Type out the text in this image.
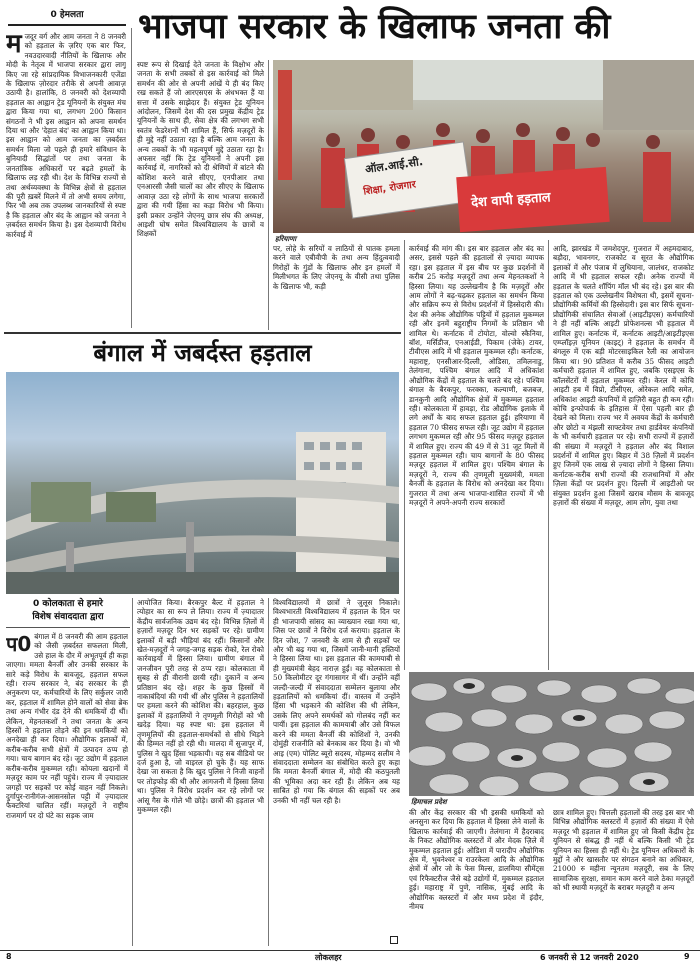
0 हेमलता	भाजपा सरकार के खिलाफ जनता की
मजदूर वर्ग और आम जनता ने 8 जनवरी को हड़ताल के ज़रिए एक बार फिर, नवउदारवादी नीतियों के खिलाफ और मोदी के नेतृत्व में भाजपा सरकार द्वारा लागू किए जा रहे सांप्रदायिक विभाजनकारी एजेंडा के खिलाफ ज़ोरदार तरीके से अपनी आवाज़ उठायी है। हालांकि, 8 जनवरी को देशव्यापी हड़ताल का आह्वान ट्रेड यूनियनों के संयुक्त मंच द्वारा किया गया था, लगभग 200 किसान संगठनों ने भी इस आह्वान को अपना समर्थन दिया था और 'देहात बंद' का आह्वान किया था। इस आह्वान को आम जनता का ज़बर्दस्त समर्थन मिला जो पहले ही हमारे संविधान के बुनियादी सिद्धांतों पर तथा जनता के जनतांत्रिक अधिकारों पर बढ़ते हमलों के खिलाफ लड़ रही थी। देश के विभिन्न राज्यों से तथा अर्थव्यवस्था के विभिन्न क्षेत्रों से हड़ताल की पूरी ख़बरें मिलने में तो अभी समय लगेगा, फिर भी अब तक उपलब्ध जानकारियों से स्पष्ट है कि हड़ताल और बंद के आह्वान को जनता ने ज़बर्दस्त समर्थन किया है। इस देशव्यापी विरोध कार्रवाई में
स्पष्ट रूप से दिखाई देते जनता के विक्षोभ और जनता के सभी तबकों से इस कार्रवाई को मिले समर्थन की ओर से अपनी आंखें ये ही बंद किए रख सकते हैं जो आरएसएस के अंधभक्त हैं या सत्ता में उसके साझेदार हैं। संयुक्त ट्रेड यूनियन आंदोलन, जिसमें देश की दस प्रमुख केंद्रीय ट्रेड यूनियनों के साथ ही, सेवा क्षेत्र की लगभग सभी स्वतंत्र फेडरेशनों भी शामिल हैं, सिर्फ मज़दूरों के ही मुद्दे नहीं उठाता रहा है बल्कि आम जनता के अन्य तबकों के भी महत्वपूर्ण मुद्दे उठाता रहा है। अफसर नहीं कि ट्रेड यूनियनों ने अपनी इस कार्रवाई में, नागरिकों को दी श्रेणियों में बांटने की कोशिश करने वाले सीएए, एनपीआर तथा एनआरसी जैसी चालों का और सीएए के खिलाफ आवाज़ उठा रहे लोगों के साथ भाजपा सरकारों द्वारा की गयी हिंसा का कड़ा विरोध भी किया। इसी प्रकार उन्होंने जेएनयू छात्र संघ की अध्यक्ष, आइशी घोष समेत विश्वविद्यालय के छात्रों व शिक्षकों
ऑल.आई.सी.
शिक्षा, रोजगार
देश वापी हड़ताल
हरियाणा
पर, लोहे के सरियों व लाठियों से घातक हमला करने वाले एबीवीपी के तथा अन्य हिंदुत्ववादी गिरोहों के गुंडों के खिलाफ और इन हमलों में मिलीभगत के लिए जेएनयू के वीसी तथा पुलिस के खिलाफ भी, कड़ी
कार्रवाई की मांग की। इस बार हड़ताल और बंद का असर, इससे पहले की हड़तालों से ज़्यादा व्यापक रहा। इस हड़ताल में इस बीच पर कुछ प्रदर्शनों में करीब 25 करोड़ मज़दूरों तथा अन्य मेहनतकशों ने हिस्सा लिया। यह उल्लेखनीय है कि मज़दूरों और आम लोगों ने बढ़-चढ़कर हड़ताल का समर्थन किया और सक्रिय रूप से विरोध प्रदर्शनों में हिस्सेदारी की। देश की अनेक औद्योगिक पट्टियों में हड़ताल मुकम्मल रही और इनमें बहुराष्ट्रीय निगमों के प्रतिष्ठान भी शामिल थे। कर्नाटक में टोयोटा, वोल्वो स्कैनिया, बॉश, मर्सिडीज, एनआईडी, पिकाम (जेके) टायर, टीवीएस आदि में भी हड़ताल मुकम्मल रही। कर्नाटक, महाराष्ट्र, एनसीआर-दिल्ली, ओडिसा, तमिलनाडु, तेलंगाना, पश्चिम बंगाल आदि में अधिकांश औद्योगिक केंद्रों में हड़ताल के चलते बंद रहे। पश्चिम बंगाल के बैरकपुर, फरक्का, कल्याणी, बजबज, डानकुनी आदि औद्योगिक क्षेत्रों में मुकम्मल हड़ताल रही। कोलकाता में हावड़ा, रोड औद्योगिक इलाके में लगे अर्धों के बाद सफल हड़ताल हुई। हरियाणा में हड़ताल 70 फीसद सफल रही। जूट उद्योग में हड़ताल लगभग मुकम्मल रही और 95 फीसद मज़दूर हड़ताल में शामिल हुए। राज्य की 49 में से 31 जूट मिलों में हड़ताल मुकम्मल रही। चाय बागानों के 80 फीसद मज़दूर हड़ताल में शामिल हुए। पश्चिम बंगाल के मज़दूरों ने, राज्य की तृणमूली मुख्यमंत्री, ममता बैनर्जी के हड़ताल के विरोध को अनदेखा कर दिया। गुजरात में तथा अन्य भाजपा-शासित राज्यों में भी मज़दूरों ने अपने-अपनी राज्य सरकारों
आदि, झारखंड में जमशेदपुर, गुजरात में अहमदाबाद, बड़ौदा, भावनगर, राजकोट व सूरत के औद्योगिक इलाकों में और पंजाब में लुधियाना, जालंधर, राजकोट आदि में भी हड़ताल सफल रही। अनेक राज्यों में हड़ताल के चलते शॉपिंग मॉल भी बंद रहे। इस बार की हड़ताल को एक उल्लेखनीय विशेषता थी, इसमें सूचना-प्रौद्योगिकी कर्मियों की हिस्सेदारी। इस बार सिर्फ सूचना-प्रौद्योगिकी संचालित सेवाओं (आइटीइएस) कर्मचारियों ने ही नहीं बल्कि आइटी प्रोफेशनल्स भी हड़ताल में शामिल हुए। कर्नाटक में, कर्नाटक आइटी/आइटीइएस एम्प्लॉइज़ यूनियन (काइट्) ने हड़ताल के समर्थन में बंगलूरु में एक बड़ी मोटरसाइकिल रैली का आयोजन किया था। 90 प्रतिशत में करीब 35 फीसद आइटी कर्मचारी हड़ताल में शामिल हुए, जबकि एसइएस के कॉलसेंटरों में हड़ताल मुकम्मल रही। केरल में कोचि आइटी हब में विप्रो, टीसीएस, ओरेकल आदि समेत, अधिकांश आइटी कंपनियों में हाज़िरी बहुत ही कम रही। कोचि इन्फोपार्क के इतिहास में ऐसा पहली बार ही देखने को मिला। राज्य भर में अवयव केंद्रों के कर्मचारी और छोटो व मंझली साफ्टवेयर तथा हार्डवेयर कंपनियों के भी कर्मचारी हड़ताल पर रहे। सभी राज्यों में हज़ारों की संख्या में मज़दूरों ने हड़ताल और बंद विशाल प्रदर्शनों में शामिल हुए। बिहार में 38 ज़िलों में प्रदर्शन हुए जिनमें एक लाख से ज़्यादा लोगों ने हिस्सा लिया। कर्नाटक-करीब सभी राज्यों की राजधानियों में और ज़िला केंद्रों पर प्रदर्शन हुए। दिल्ली में आइटीओ पर संयुक्त प्रदर्शन हुआ जिसमें खराब मौसम के बावजूद हज़ारों की संख्या में मज़दूर, आम लोग, युवा तथा
बंगाल में जबर्दस्त हड़ताल
0 कोलकाता से हमारे
विशेष संवाददाता द्वारा
प0 बंगाल में 8 जनवरी की आम हड़ताल को जैसी ज़बर्दस्त सफलता मिली, उसे हाल के दौर में अभूतपूर्व ही कहा जाएगा। ममता बैनर्जी और उनकी सरकार के सारे कड़े विरोध के बावजूद, हड़ताल सफल रही। राज्य सरकार ने, बंद सरकार के ही अनुकरण पर, कर्मचारियों के लिए सर्कुलर जारी कर, हड़ताल में शामिल होने वालों को सेवा ब्रेक तथा अन्य गंभीर दंड देने की धमकियों दी थीं। लेकिन, मेहनतकशों ने तथा जनता के अन्य हिस्सों ने हड़ताल तोड़ने की इन धमकियों को अनदेखा ही कर दिया। औद्योगिक इलाकों में, करीब-करीब सभी क्षेत्रों में उत्पादन ठप्प हो गया। चाय बागान बंद रहे। जूट उद्योग में हड़ताल करीब-करीब मुकम्मल रही। कोयला खदानों में मज़दूर काम पर नहीं पहुंचे। राज्य में ज़्यादातर जगहों पर सड़कों पर कोई वाहन नहीं निकले। दुर्गापुर-रानीगंज-आसनसोल पट्टी में ज़्यादातर फैक्टरियां चालित रहीं। मज़दूरों ने राष्ट्रीय राजमार्ग पर दो घंटे का सड़क जाम
आयोजित किया। बैरकपुर बैल्ट में हड़ताल ने त्योहार का सा रूप ले लिया। राज्य में ज़्यादातर केंद्रीय सार्वजनिक उद्यम बंद रहे। विभिन्न ज़िलों में हज़ारों मज़दूर दिन भर सड़कों पर रहे। ग्रामीण इलाकों में बड़ी भीड़ियां बंद रहीं। किसानों और खेत-मज़दूरों ने जगह-जगह सड़क रोको, रेल रोको कार्रवाइयों में हिस्सा लिया। ग्रामीण बंगाल में जनजीवन पूरी तरह से ठप्प रहा। कोलकाता में सुबह से ही वीरानी छायी रही। दुकानें व अन्य प्रतिष्ठान बंद रहे। शहर के कुछ हिस्सों में नाकाबंदियां की गयी थीं और पुलिस ने हड़तालियों पर हमला करने की कोशिश की। बहरहाल, कुछ इलाकों में हड़तालियों ने तृणमूली गिरोहों को भी खदेड़ दिया। यह स्पष्ट था: इस हड़ताल में तृणमूलियों की हड़ताल-समर्थकों से सीधे भिड़ने की हिम्मत नहीं हो रही थी। मालदा में सुजापुर में, पुलिस ने खुद हिंसा भड़कायी। यह सब वीडियो पर दर्ज हुआ है, जो वाइरल हो चुके हैं। यह साफ देखा जा सकता है कि खुद पुलिस ने निजी वाहनों पर तोड़फोड़ की थी और आगजनी में हिस्सा लिया था। पुलिस ने विरोध प्रदर्शन कर रहे लोगों पर आंसू गैस के गोले भी छोड़े। छात्रों की हड़ताल भी मुकम्मल रही।
विश्वविद्यालयों में छात्रों ने जुलूस निकाले। विश्वभारती विश्वविद्यालय में हड़ताल के दिन पर ही भाजपायी सांसद का व्याख्यान रखा गया था, जिस पर छात्रों ने विरोध दर्ज कराया। हड़ताल के दिन जोश, 7 जनवरी के शाम से ही सड़कों पर और भी बढ़ गया था, जिसमें जानी-मानी हस्तियों ने हिस्सा लिया था। इस हड़ताल की कामयाबी से ही मुख्यमंत्री बेहद नाराज़ हुईं। वह कोलकाता से 50 किलोमीटर दूर गंगासागर में थीं। उन्होंने वहीं जल्दी-जल्दी में संवाददाता सम्मेलन बुलाया और हड़तालियों को धमकियां दीं। वास्तव में उन्होंने हिंसा भी भड़काने की कोशिश की थी लेकिन, उसके लिए अपने समर्थकों को गोलबंद नहीं कर पायीं। इस हड़ताल की कामयाबी और उसे विफल करने की ममता बैनर्जी की कोशिशों ने, उनकी दोमुंही राजनीति को बेनकाब कर दिया है। वो भी आइ (एम) पोलिट ब्यूरो सदस्य, मोहम्मद सलीम ने संवाददाता सम्मेलन का संबोधित करते हुए कहा कि ममता बैनर्जी बंगाल में, मोदी की कठपुतली की भूमिका अदा कर रही हैं। लेकिन अब यह साबित हो गया कि बंगाल की सड़कों पर अब उनकी भी नहीं चल रही है।	हिमाचल प्रदेश
की और केंद्र सरकार की भी इसकी धमकियों को अनसुना कर दिया कि हड़ताल में हिस्सा लेने वालों के खिलाफ कार्रवाई की जाएगी। तेलंगाना में हैदराबाद के निकट औद्योगिक क्लस्टरों में और मेदक ज़िले में मुकम्मल हड़ताल हुई। ओडिशा में पारादीप औद्योगिक क्षेत्र में, भुवनेश्वर व राउरकेला आदि के औद्योगिक क्षेत्रों में और जो के फेस मिल्स, डालमिया सीमेंट्स एवं रिफैक्टरीज जैसे बड़े उद्योगों में, मुकम्मल हड़ताल हुई। महाराष्ट्र में पुणे, नासिक, मुंबई आदि के औद्योगिक क्लस्टरों में और मध्य प्रदेश में इंदौर, नीमच
छात्र शामिल हुए। चित्तली हड़तालों की तरह इस बार भी विभिन्न औद्योगिक क्लस्टरों में हज़ारों की संख्या में ऐसे मज़दूर भी हड़ताल में शामिल हुए जो किसी केंद्रीय ट्रेड यूनियन से संबद्ध ही नहीं थे बल्कि किसी भी ट्रेड यूनियन का हिस्सा ही नहीं थे। ट्रेड यूनियन अधिकारों के मुद्दों ने और खासतौर पर संगठन बनाने का अधिकार, 21000 रु महीना न्यूनतम मज़दूरी, सब के लिए सामाजिक सुरक्षा, समान काम करने वाले ठेका मज़दूरों को भी स्थायी मज़दूरों के बराबर मज़दूरी व अन्य
8	लोकलहर	6 जनवरी से 12 जनवरी 2020	9
